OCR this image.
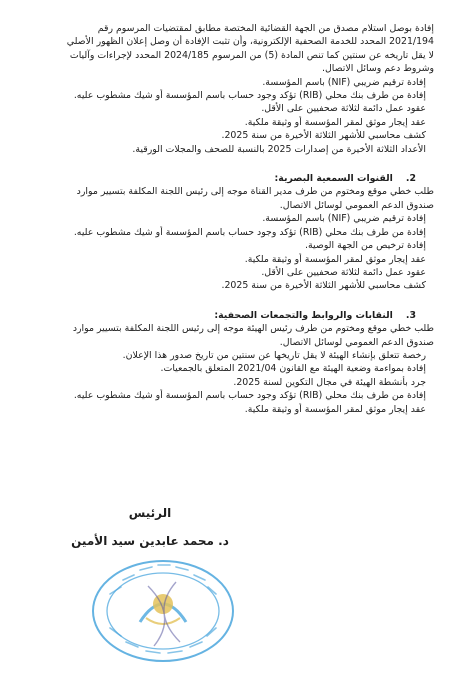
إفادة بوصل استلام مصدق من الجهة القضائية المختصة مطابق لمقتضيات المرسوم رقم
2021/194 المحدد للخدمة الصحفية الإلكترونية، وأن تثبت الإفادة أن وصل إعلان الظهور الأصلي
لا يقل تاريخه عن سنتين كما تنص المادة (5) من المرسوم 2024/185 المحدد لإجراءات وآليات
وشروط دعم وسائل الاتصال.
إفادة ترقيم ضريبي (NIF) باسم المؤسسة.
إفادة من طرف بنك محلي (RIB) تؤكد وجود حساب باسم المؤسسة أو شيك مشطوب عليه.
عقود عمل دائمة لثلاثة صحفيين على الأقل.
عقد إيجار موثق لمقر المؤسسة أو وثيقة ملكية.
كشف محاسبي للأشهر الثلاثة الأخيرة من سنة 2025.
الأعداد الثلاثة الأخيرة من إصدارات 2025 بالنسبة للصحف والمجلات الورقية.
2.    القنوات السمعية البصرية:
طلب خطي موقع ومختوم من طرف مدير القناة موجه إلى رئيس اللجنة المكلفة بتسيير موارد
صندوق الدعم العمومي لوسائل الاتصال.
إفادة ترقيم ضريبي (NIF) باسم المؤسسة.
إفادة من طرف بنك محلي (RIB) تؤكد وجود حساب باسم المؤسسة أو شيك مشطوب عليه.
إفادة ترخيص من الجهة الوصية.
عقد إيجار موثق لمقر المؤسسة أو وثيقة ملكية.
عقود عمل دائمة لثلاثة صحفيين على الأقل.
كشف محاسبي للأشهر الثلاثة الأخيرة من سنة 2025.
3.    النقابات والروابط والتجمعات الصحفية:
طلب خطي موقع ومختوم من طرف رئيس الهيئة موجه إلى رئيس اللجنة المكلفة بتسيير موارد
صندوق الدعم العمومي لوسائل الاتصال.
رخصة تتعلق بإنشاء الهيئة لا يقل تاريخها عن سنتين من تاريخ صدور هذا الإعلان.
إفادة بمواءمة وضعية الهيئة مع القانون 2021/04 المتعلق بالجمعيات.
جرد بأنشطة الهيئة في مجال التكوين لسنة 2025.
إفادة من طرف بنك محلي (RIB) تؤكد وجود حساب باسم المؤسسة أو شيك مشطوب عليه.
عقد إيجار موثق لمقر المؤسسة أو وثيقة ملكية.
الرئيس
د. محمد عابدين سيد الأمين
